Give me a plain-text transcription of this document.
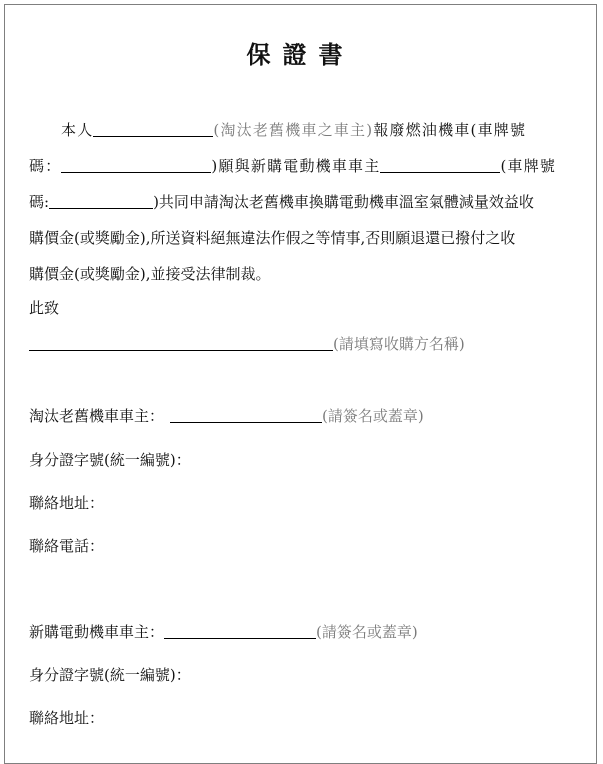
保證書
本人	(淘汰老舊機車之車主)報廢燃油機車(車牌號
碼：	)願與新購電動機車車主	(車牌號
碼:	)共同申請淘汰老舊機車換購電動機車溫室氣體減量效益收
購價金(或獎勵金),所送資料絕無違法作假之等情事,否則願退還已撥付之收
購價金(或獎勵金),並接受法律制裁。
此致
(請填寫收購方名稱)
淘汰老舊機車車主：	(請簽名或蓋章)
身分證字號(統一編號)：
聯絡地址：
聯絡電話：
新購電動機車車主：	(請簽名或蓋章)
身分證字號(統一編號)：
聯絡地址：
